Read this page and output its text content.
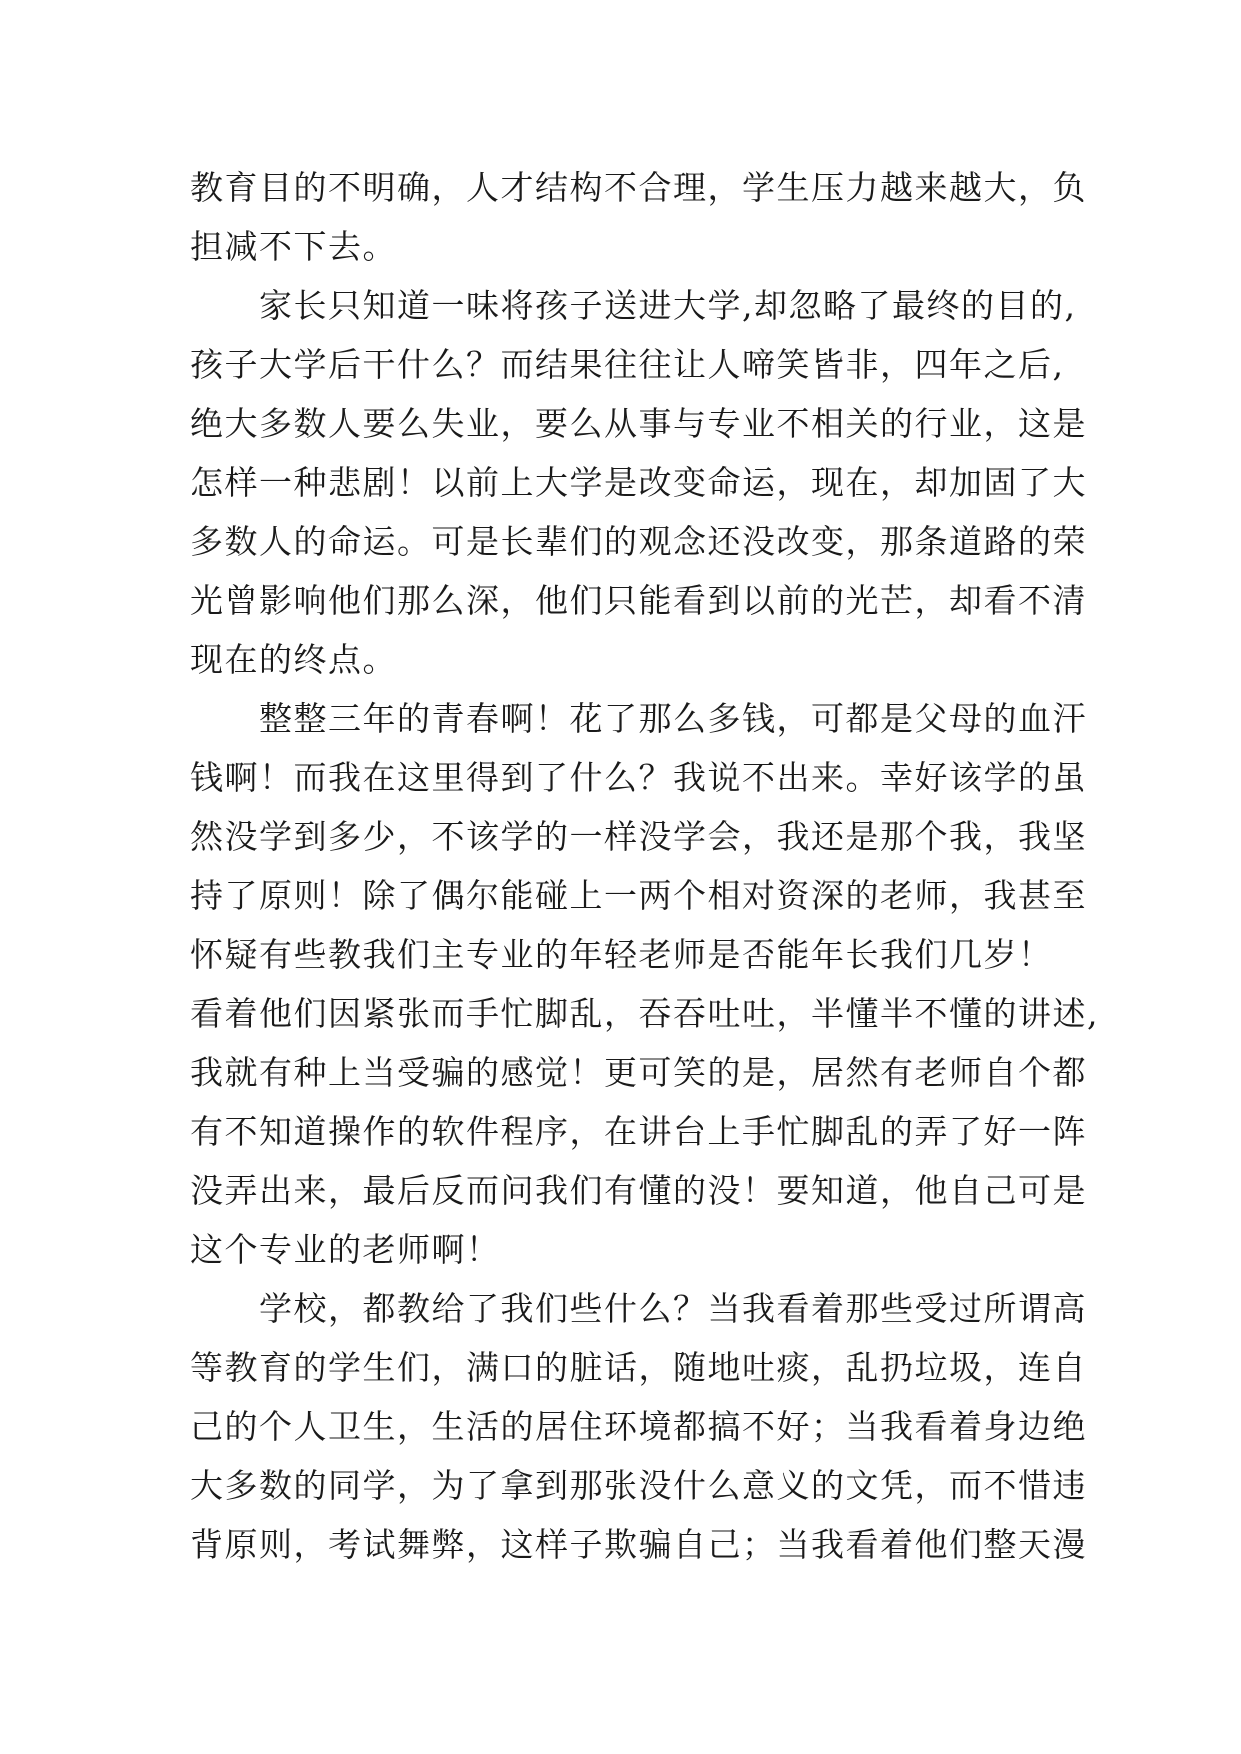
教育目的不明确，人才结构不合理，学生压力越来越大，负
担减不下去。
　　家长只知道一味将孩子送进大学,却忽略了最终的目的,
孩子大学后干什么？而结果往往让人啼笑皆非，四年之后,
绝大多数人要么失业，要么从事与专业不相关的行业，这是
怎样一种悲剧！以前上大学是改变命运，现在，却加固了大
多数人的命运。可是长辈们的观念还没改变，那条道路的荣
光曾影响他们那么深，他们只能看到以前的光芒，却看不清
现在的终点。
　　整整三年的青春啊！花了那么多钱，可都是父母的血汗
钱啊！而我在这里得到了什么？我说不出来。幸好该学的虽
然没学到多少，不该学的一样没学会，我还是那个我，我坚
持了原则！除了偶尔能碰上一两个相对资深的老师，我甚至
怀疑有些教我们主专业的年轻老师是否能年长我们几岁！
看着他们因紧张而手忙脚乱，吞吞吐吐，半懂半不懂的讲述,
我就有种上当受骗的感觉！更可笑的是，居然有老师自个都
有不知道操作的软件程序，在讲台上手忙脚乱的弄了好一阵
没弄出来，最后反而问我们有懂的没！要知道，他自己可是
这个专业的老师啊！
　　学校，都教给了我们些什么？当我看着那些受过所谓高
等教育的学生们，满口的脏话，随地吐痰，乱扔垃圾，连自
己的个人卫生，生活的居住环境都搞不好；当我看着身边绝
大多数的同学，为了拿到那张没什么意义的文凭，而不惜违
背原则，考试舞弊，这样子欺骗自己；当我看着他们整天漫
